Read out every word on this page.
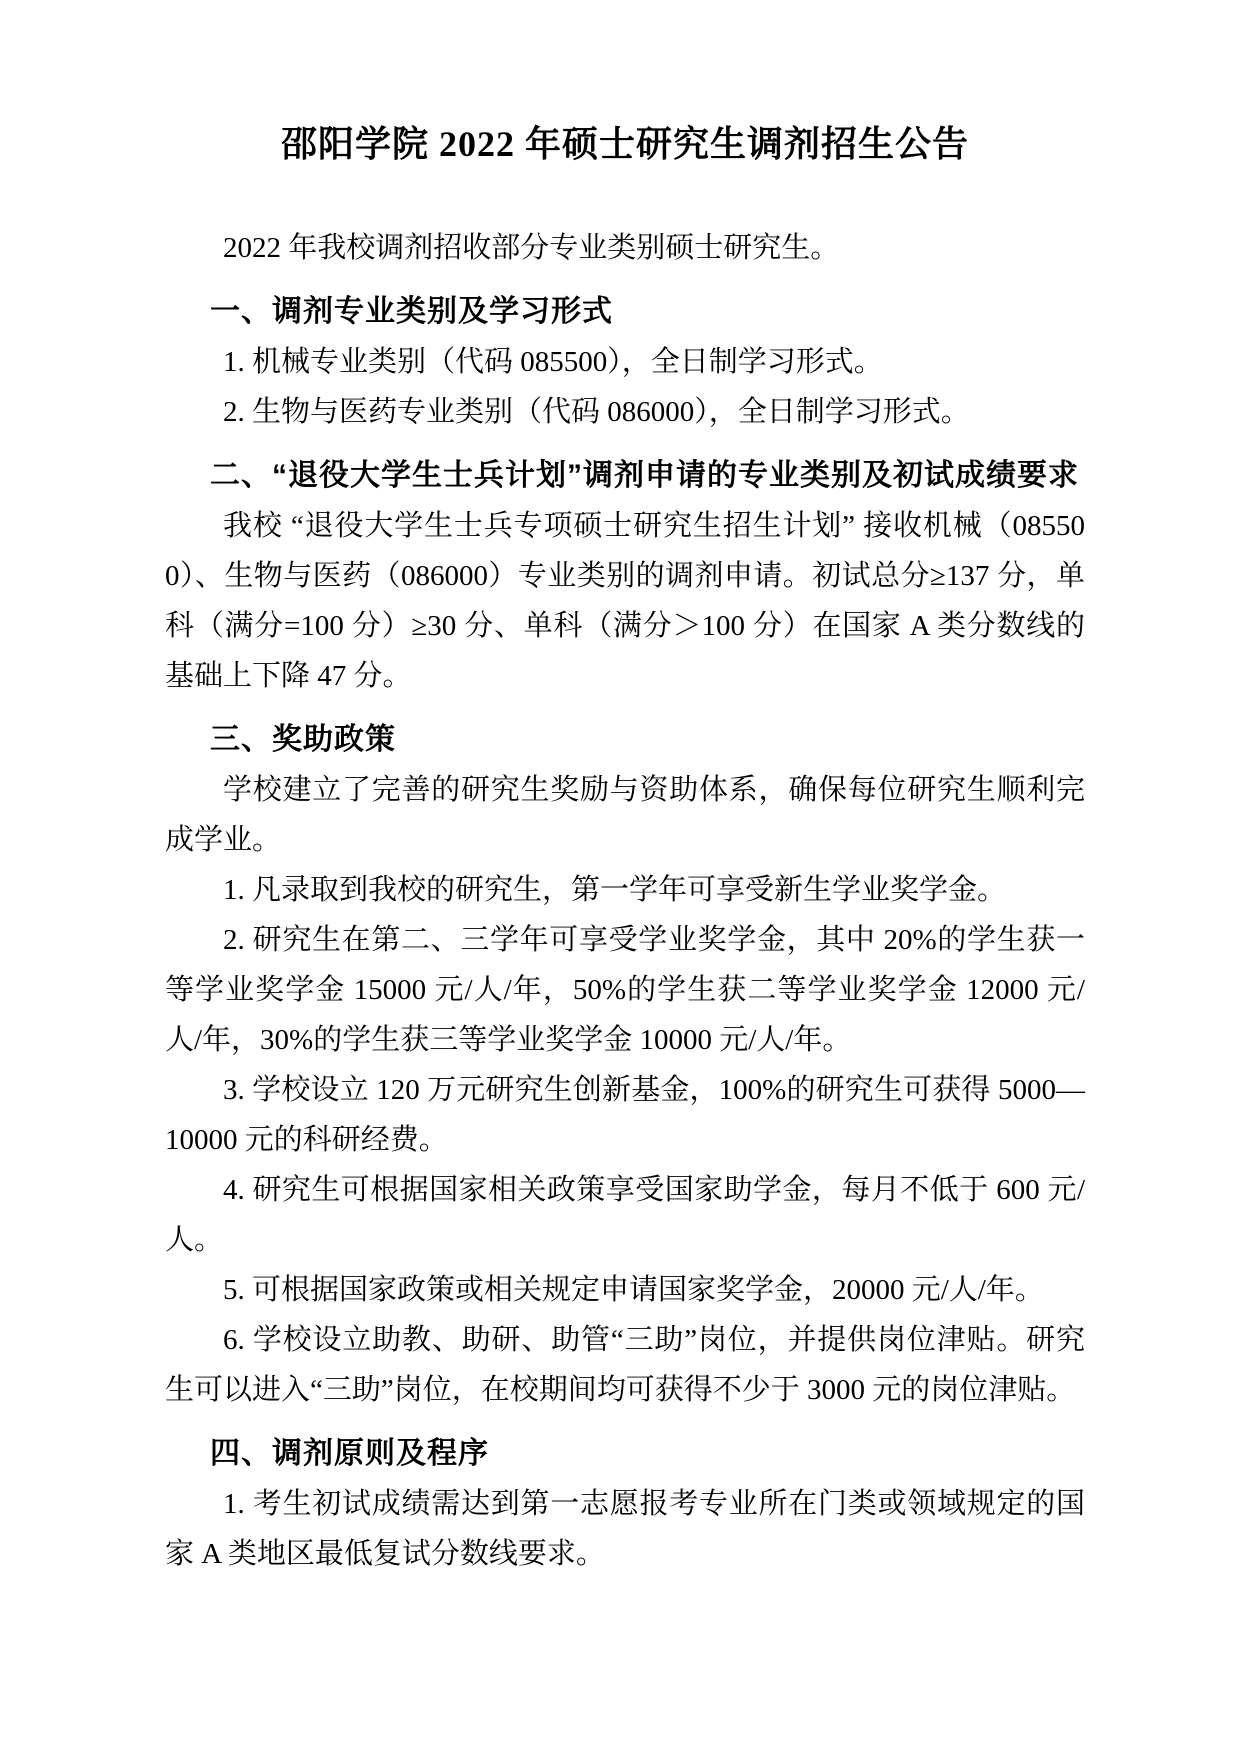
邵阳学院 2022 年硕士研究生调剂招生公告

2022 年我校调剂招收部分专业类别硕士研究生。

一、调剂专业类别及学习形式

1. 机械专业类别（代码 085500），全日制学习形式。

2. 生物与医药专业类别（代码 086000），全日制学习形式。

二、“退役大学生士兵计划”调剂申请的专业类别及初试成绩要求

我校 “退役大学生士兵专项硕士研究生招生计划” 接收机械（085500）、生物与医药（086000）专业类别的调剂申请。初试总分≥137 分，单科（满分=100 分）≥30 分、单科（满分＞100 分）在国家 A 类分数线的基础上下降 47 分。

三、奖助政策

学校建立了完善的研究生奖励与资助体系，确保每位研究生顺利完成学业。

1. 凡录取到我校的研究生，第一学年可享受新生学业奖学金。

2. 研究生在第二、三学年可享受学业奖学金，其中 20%的学生获一等学业奖学金 15000 元/人/年，50%的学生获二等学业奖学金 12000 元/人/年，30%的学生获三等学业奖学金 10000 元/人/年。

3. 学校设立 120 万元研究生创新基金，100%的研究生可获得 5000—10000 元的科研经费。

4. 研究生可根据国家相关政策享受国家助学金，每月不低于 600 元/人。

5. 可根据国家政策或相关规定申请国家奖学金，20000 元/人/年。

6. 学校设立助教、助研、助管“三助”岗位，并提供岗位津贴。研究生可以进入“三助”岗位，在校期间均可获得不少于 3000 元的岗位津贴。

四、调剂原则及程序

1. 考生初试成绩需达到第一志愿报考专业所在门类或领域规定的国家 A 类地区最低复试分数线要求。
